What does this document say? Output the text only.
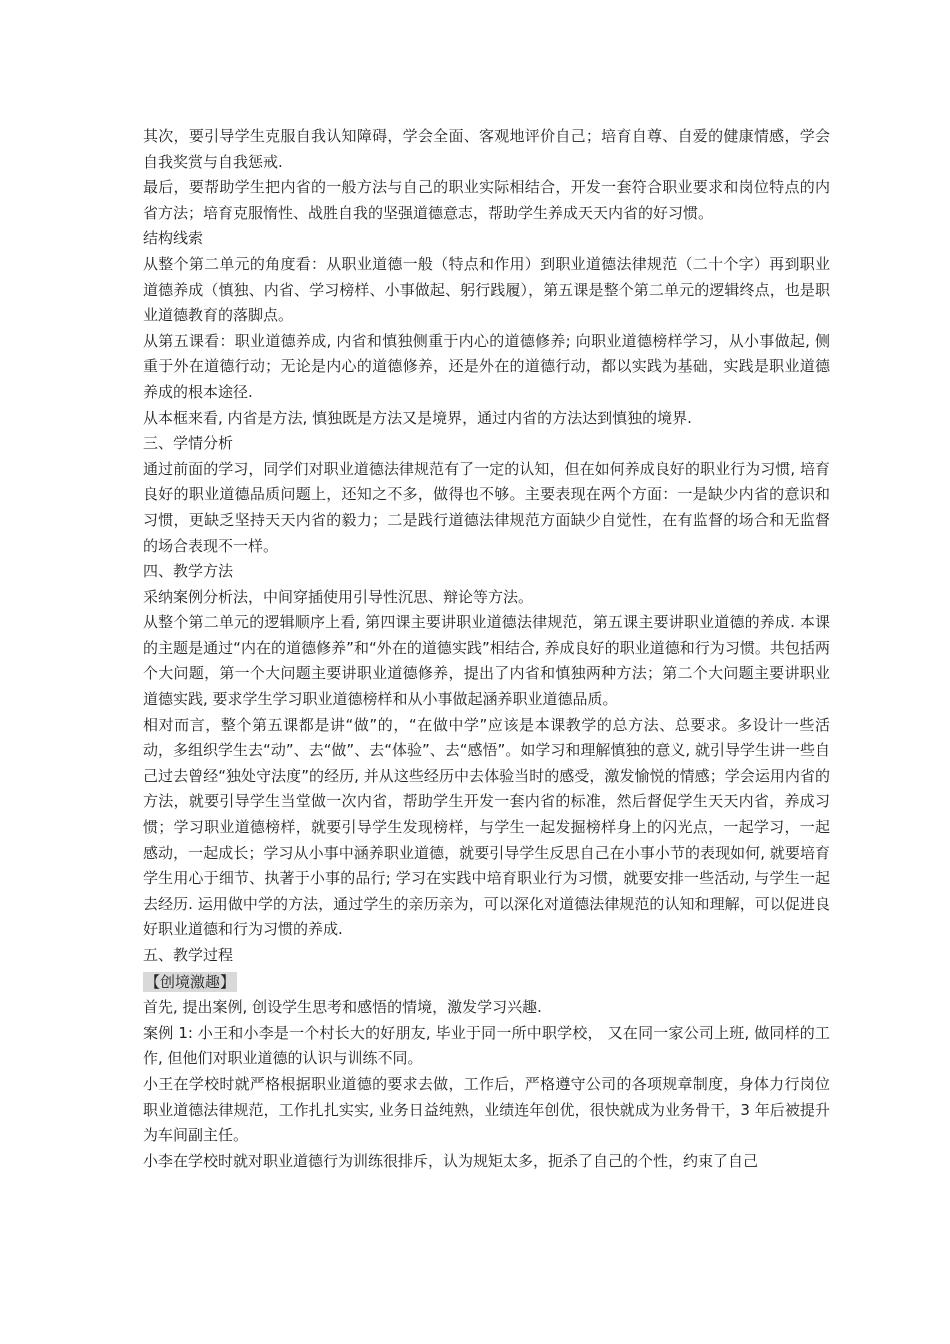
其次，要引导学生克服自我认知障碍，学会全面、客观地评价自己；培育自尊、自爱的健康情感，学会自我奖赏与自我惩戒.

最后，要帮助学生把内省的一般方法与自己的职业实际相结合，开发一套符合职业要求和岗位特点的内省方法；培育克服惰性、战胜自我的坚强道德意志，帮助学生养成天天内省的好习惯。

结构线索

从整个第二单元的角度看：从职业道德一般（特点和作用）到职业道德法律规范（二十个字）再到职业道德养成（慎独、内省、学习榜样、小事做起、躬行践履），第五课是整个第二单元的逻辑终点，也是职业道德教育的落脚点。

从第五课看：职业道德养成, 内省和慎独侧重于内心的道德修养; 向职业道德榜样学习，从小事做起, 侧重于外在道德行动；无论是内心的道德修养，还是外在的道德行动，都以实践为基础，实践是职业道德养成的根本途径.

从本框来看, 内省是方法, 慎独既是方法又是境界，通过内省的方法达到慎独的境界.

三、学情分析

通过前面的学习，同学们对职业道德法律规范有了一定的认知，但在如何养成良好的职业行为习惯, 培育良好的职业道德品质问题上，还知之不多，做得也不够。主要表现在两个方面：一是缺少内省的意识和习惯，更缺乏坚持天天内省的毅力；二是践行道德法律规范方面缺少自觉性，在有监督的场合和无监督的场合表现不一样。

四、教学方法

采纳案例分析法，中间穿插使用引导性沉思、辩论等方法。

从整个第二单元的逻辑顺序上看, 第四课主要讲职业道德法律规范，第五课主要讲职业道德的养成. 本课的主题是通过“内在的道德修养”和“外在的道德实践”相结合, 养成良好的职业道德和行为习惯。共包括两个大问题，第一个大问题主要讲职业道德修养，提出了内省和慎独两种方法；第二个大问题主要讲职业道德实践, 要求学生学习职业道德榜样和从小事做起涵养职业道德品质。

相对而言，整个第五课都是讲“做”的，“在做中学”应该是本课教学的总方法、总要求。多设计一些活动，多组织学生去“动”、去“做”、去“体验”、去“感悟”。如学习和理解慎独的意义, 就引导学生讲一些自己过去曾经“独处守法度”的经历, 并从这些经历中去体验当时的感受，激发愉悦的情感；学会运用内省的方法，就要引导学生当堂做一次内省，帮助学生开发一套内省的标准，然后督促学生天天内省，养成习惯；学习职业道德榜样，就要引导学生发现榜样，与学生一起发掘榜样身上的闪光点，一起学习，一起感动，一起成长；学习从小事中涵养职业道德，就要引导学生反思自己在小事小节的表现如何, 就要培育学生用心于细节、执著于小事的品行; 学习在实践中培育职业行为习惯，就要安排一些活动, 与学生一起去经历. 运用做中学的方法，通过学生的亲历亲为，可以深化对道德法律规范的认知和理解，可以促进良好职业道德和行为习惯的养成.

五、教学过程

【创境激趣】

首先, 提出案例, 创设学生思考和感悟的情境，激发学习兴趣.

案例 1: 小王和小李是一个村长大的好朋友, 毕业于同一所中职学校， 又在同一家公司上班, 做同样的工作, 但他们对职业道德的认识与训练不同。

小王在学校时就严格根据职业道德的要求去做，工作后，严格遵守公司的各项规章制度，身体力行岗位职业道德法律规范，工作扎扎实实, 业务日益纯熟，业绩连年创优，很快就成为业务骨干，3 年后被提升为车间副主任。

小李在学校时就对职业道德行为训练很排斥，认为规矩太多，扼杀了自己的个性，约束了自己
